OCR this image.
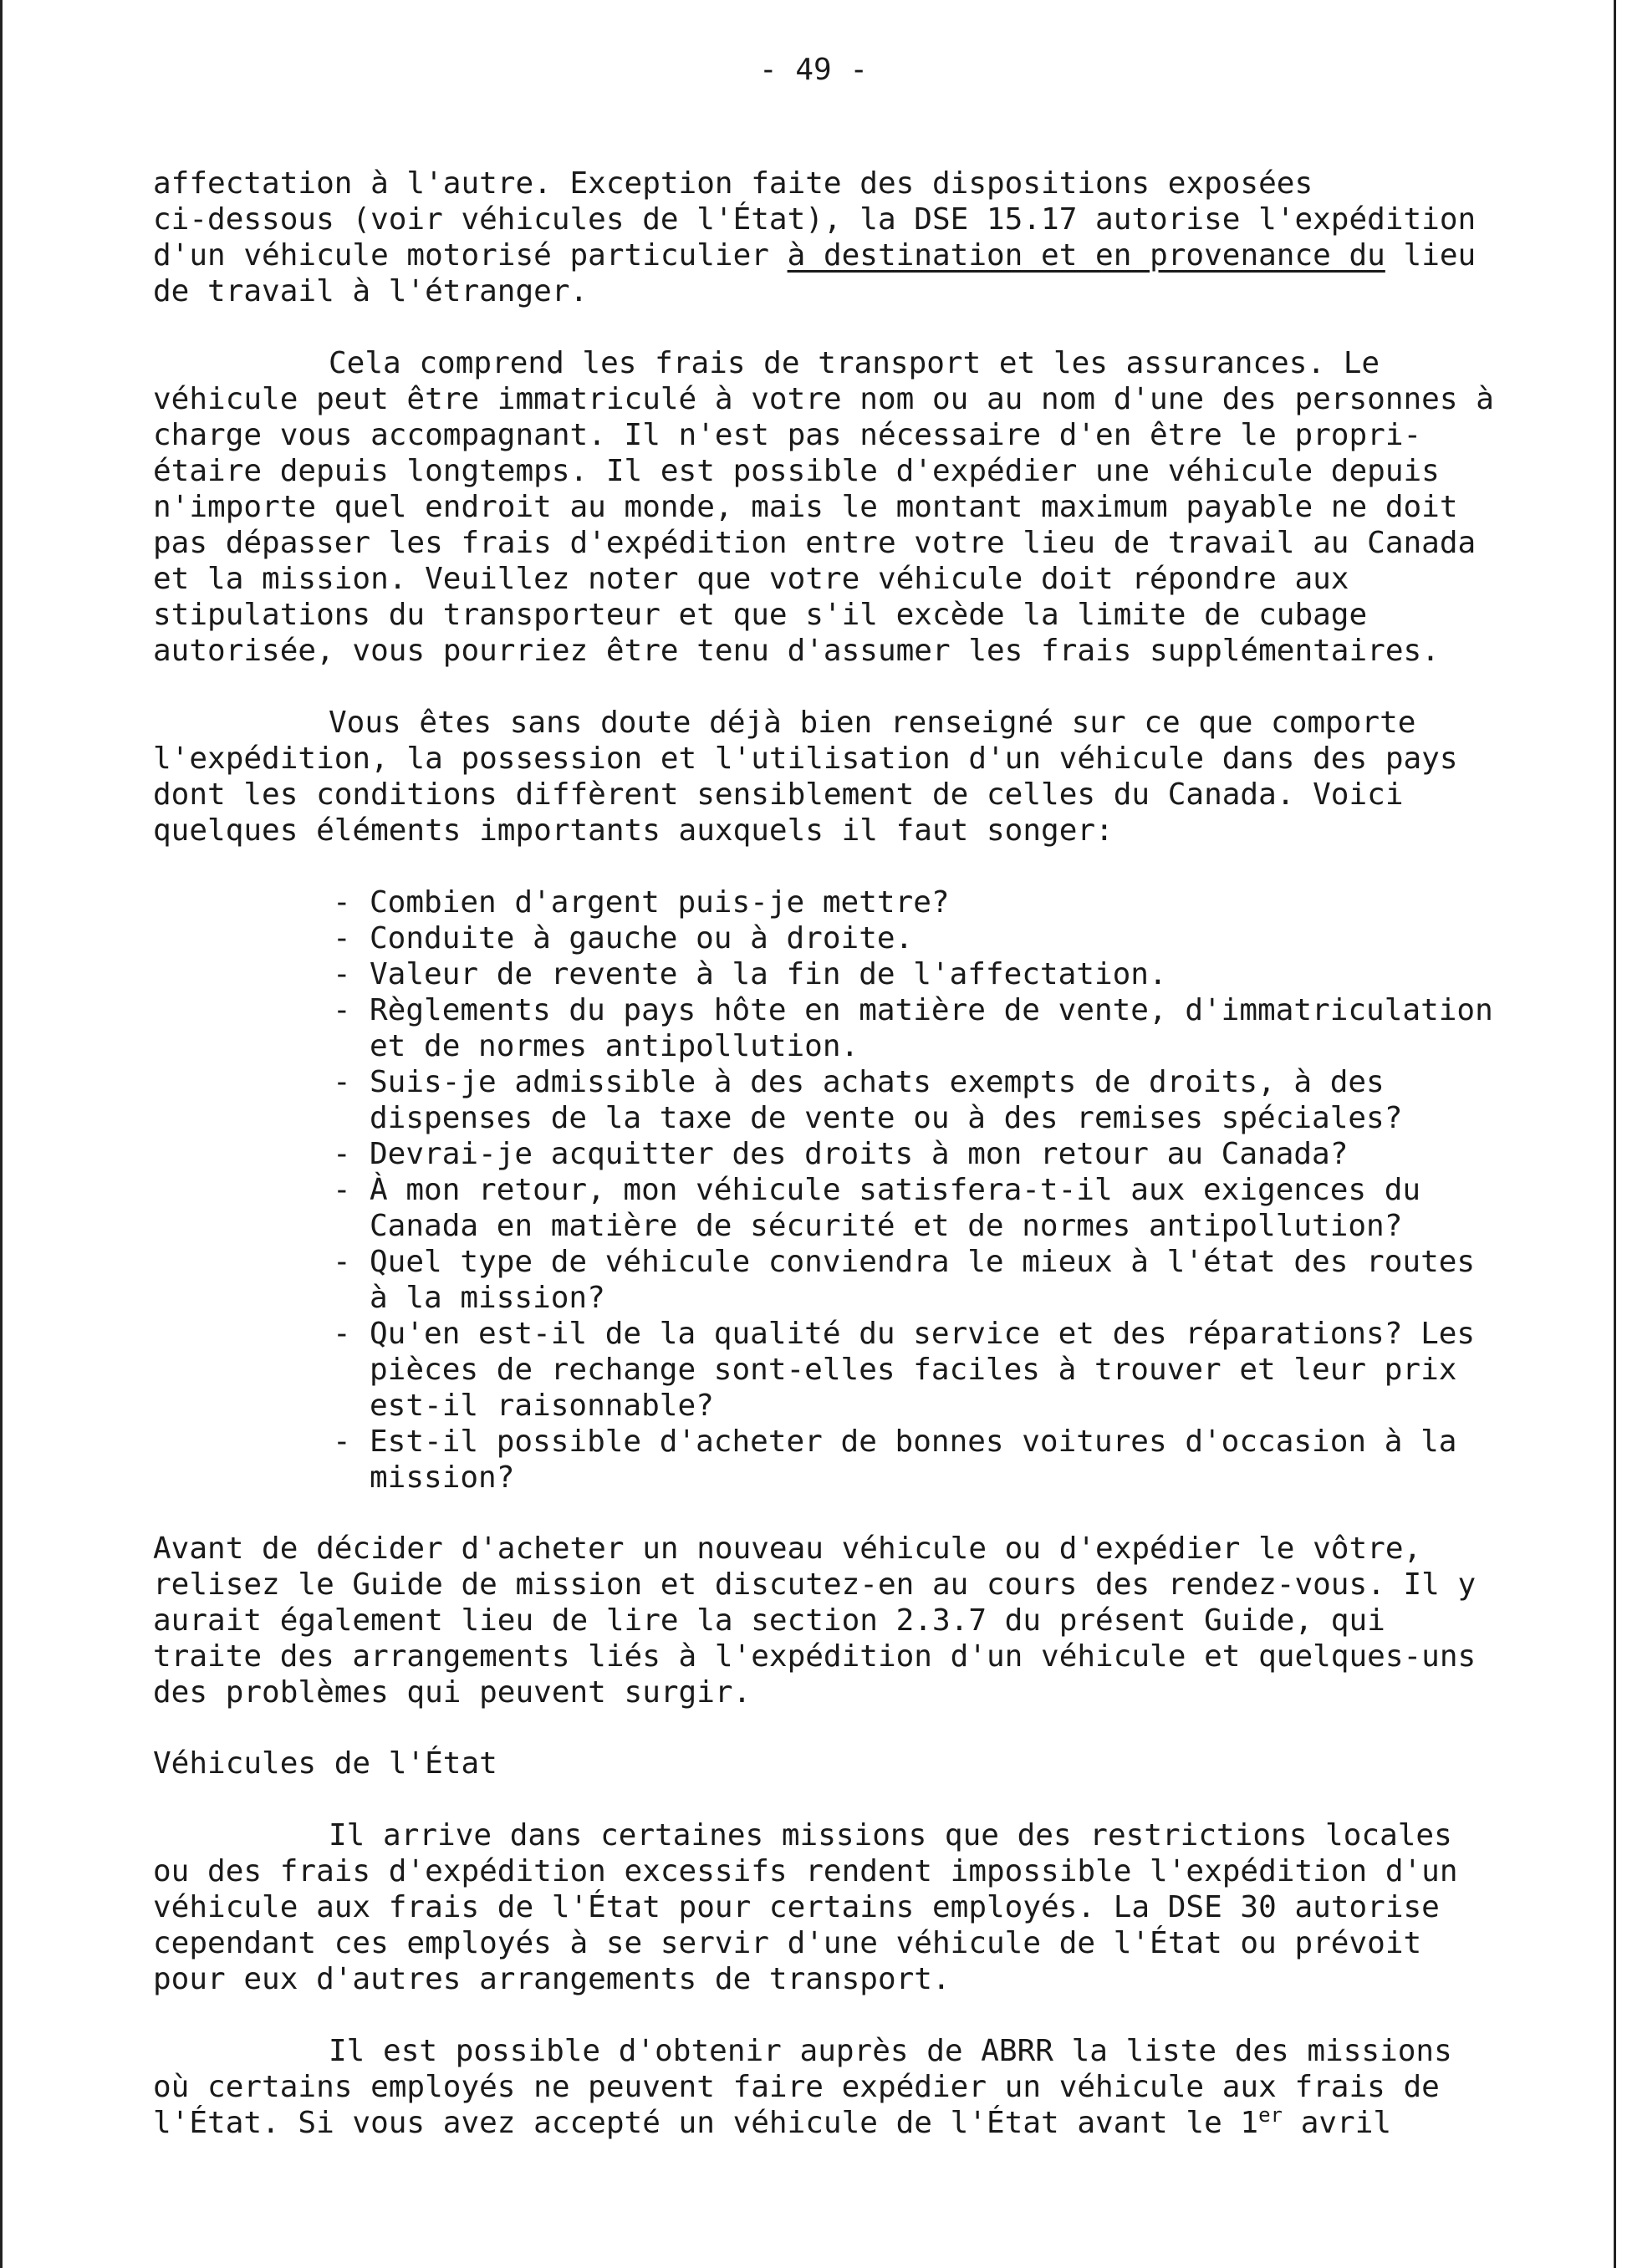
- 49 -

affectation à l'autre. Exception faite des dispositions exposées
ci-dessous (voir véhicules de l'État), la DSE 15.17 autorise l'expédition
d'un véhicule motorisé particulier à destination et en provenance du lieu
de travail à l'étranger.

Cela comprend les frais de transport et les assurances. Le
véhicule peut être immatriculé à votre nom ou au nom d'une des personnes à
charge vous accompagnant. Il n'est pas nécessaire d'en être le propri-
étaire depuis longtemps. Il est possible d'expédier une véhicule depuis
n'importe quel endroit au monde, mais le montant maximum payable ne doit
pas dépasser les frais d'expédition entre votre lieu de travail au Canada
et la mission. Veuillez noter que votre véhicule doit répondre aux
stipulations du transporteur et que s'il excède la limite de cubage
autorisée, vous pourriez être tenu d'assumer les frais supplémentaires.

Vous êtes sans doute déjà bien renseigné sur ce que comporte
l'expédition, la possession et l'utilisation d'un véhicule dans des pays
dont les conditions diffèrent sensiblement de celles du Canada. Voici
quelques éléments importants auxquels il faut songer:

- Combien d'argent puis-je mettre?
- Conduite à gauche ou à droite.
- Valeur de revente à la fin de l'affectation.
- Règlements du pays hôte en matière de vente, d'immatriculation
et de normes antipollution.
- Suis-je admissible à des achats exempts de droits, à des
dispenses de la taxe de vente ou à des remises spéciales?
- Devrai-je acquitter des droits à mon retour au Canada?
- À mon retour, mon véhicule satisfera-t-il aux exigences du
Canada en matière de sécurité et de normes antipollution?
- Quel type de véhicule conviendra le mieux à l'état des routes
à la mission?
- Qu'en est-il de la qualité du service et des réparations? Les
pièces de rechange sont-elles faciles à trouver et leur prix
est-il raisonnable?
- Est-il possible d'acheter de bonnes voitures d'occasion à la
mission?

Avant de décider d'acheter un nouveau véhicule ou d'expédier le vôtre,
relisez le Guide de mission et discutez-en au cours des rendez-vous. Il y
aurait également lieu de lire la section 2.3.7 du présent Guide, qui
traite des arrangements liés à l'expédition d'un véhicule et quelques-uns
des problèmes qui peuvent surgir.

Véhicules de l'État

Il arrive dans certaines missions que des restrictions locales
ou des frais d'expédition excessifs rendent impossible l'expédition d'un
véhicule aux frais de l'État pour certains employés. La DSE 30 autorise
cependant ces employés à se servir d'une véhicule de l'État ou prévoit
pour eux d'autres arrangements de transport.

Il est possible d'obtenir auprès de ABRR la liste des missions
où certains employés ne peuvent faire expédier un véhicule aux frais de
l'État. Si vous avez accepté un véhicule de l'État avant le 1er avril
